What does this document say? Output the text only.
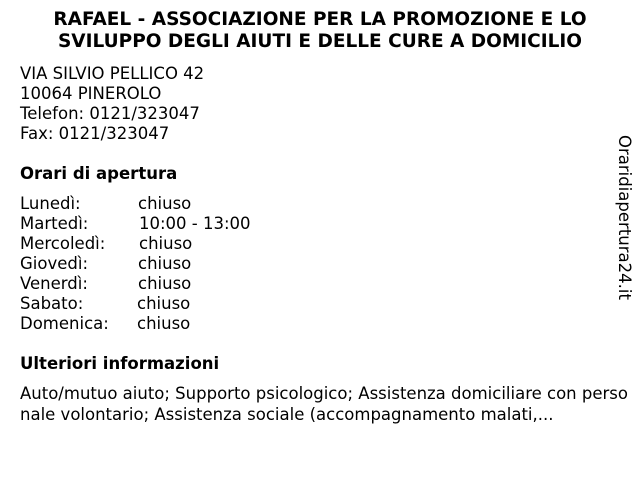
RAFAEL - ASSOCIAZIONE PER LA PROMOZIONE E LO
SVILUPPO DEGLI AIUTI E DELLE CURE A DOMICILIO
VIA SILVIO PELLICO 42
10064 PINEROLO
Telefon: 0121/323047
Fax: 0121/323047
Orari di apertura
Lunedì:	chiuso
Martedì:	10:00 - 13:00
Mercoledì: chiuso
Giovedì:	chiuso
Venerdì:	chiuso
Sabato:	chiuso
Domenica: chiuso
Ulteriori informazioni
Auto/mutuo aiuto; Supporto psicologico; Assistenza domiciliare con personale volontario; Assistenza sociale (accompagnamento malati,...
Oraridiapertura24.it
